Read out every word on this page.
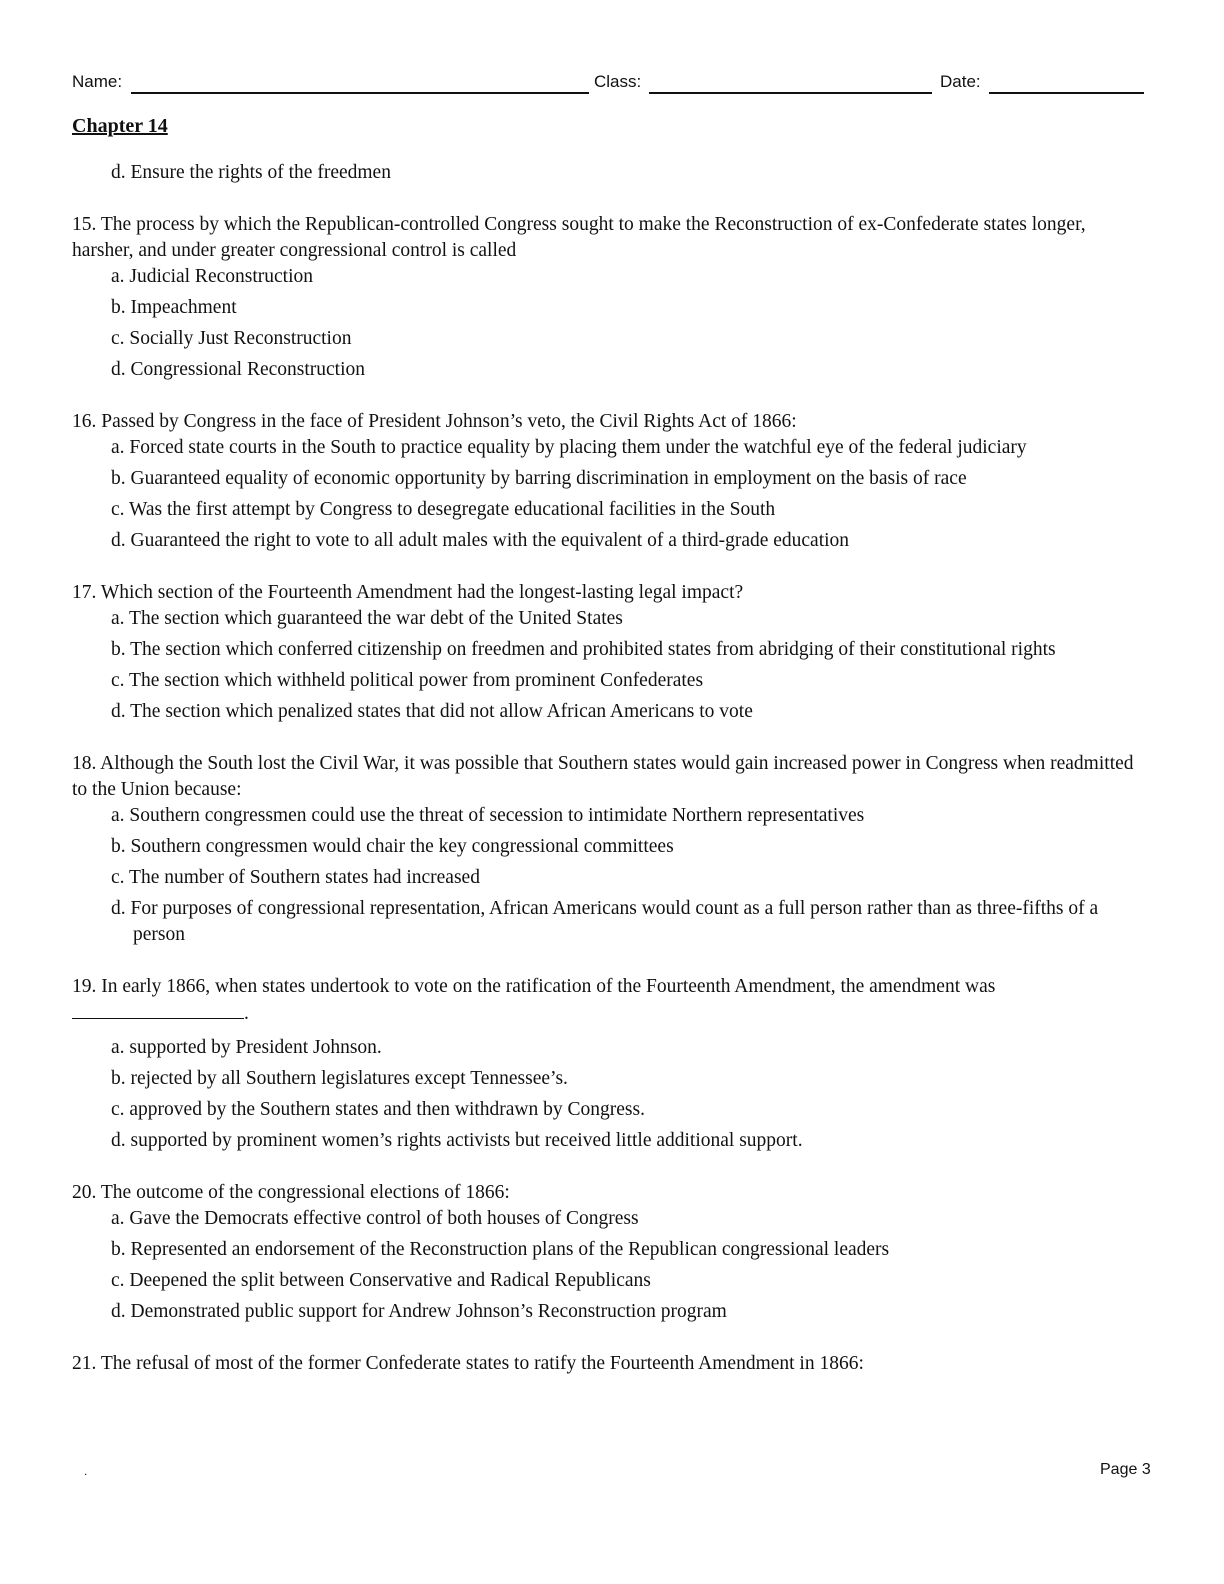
Name:	Class:	Date:
Chapter 14

d. Ensure the rights of the freedmen

15. The process by which the Republican-controlled Congress sought to make the Reconstruction of ex-Confederate states longer, harsher, and under greater congressional control is called

a. Judicial Reconstruction

b. Impeachment

c. Socially Just Reconstruction

d. Congressional Reconstruction

16. Passed by Congress in the face of President Johnson’s veto, the Civil Rights Act of 1866:

a. Forced state courts in the South to practice equality by placing them under the watchful eye of the federal judiciary

b. Guaranteed equality of economic opportunity by barring discrimination in employment on the basis of race

c. Was the first attempt by Congress to desegregate educational facilities in the South

d. Guaranteed the right to vote to all adult males with the equivalent of a third-grade education

17. Which section of the Fourteenth Amendment had the longest-lasting legal impact?

a. The section which guaranteed the war debt of the United States

b. The section which conferred citizenship on freedmen and prohibited states from abridging of their constitutional rights

c. The section which withheld political power from prominent Confederates

d. The section which penalized states that did not allow African Americans to vote

18. Although the South lost the Civil War, it was possible that Southern states would gain increased power in Congress when readmitted to the Union because:

a. Southern congressmen could use the threat of secession to intimidate Northern representatives

b. Southern congressmen would chair the key congressional committees

c. The number of Southern states had increased

d. For purposes of congressional representation, African Americans would count as a full person rather than as three-fifths of a person

19. In early 1866, when states undertook to vote on the ratification of the Fourteenth Amendment, the amendment was

.

a. supported by President Johnson.

b. rejected by all Southern legislatures except Tennessee’s.

c. approved by the Southern states and then withdrawn by Congress.

d. supported by prominent women’s rights activists but received little additional support.

20. The outcome of the congressional elections of 1866:

a. Gave the Democrats effective control of both houses of Congress

b. Represented an endorsement of the Reconstruction plans of the Republican congressional leaders

c. Deepened the split between Conservative and Radical Republicans

d. Demonstrated public support for Andrew Johnson’s Reconstruction program

21. The refusal of most of the former Confederate states to ratify the Fourteenth Amendment in 1866:

.	Page 3
